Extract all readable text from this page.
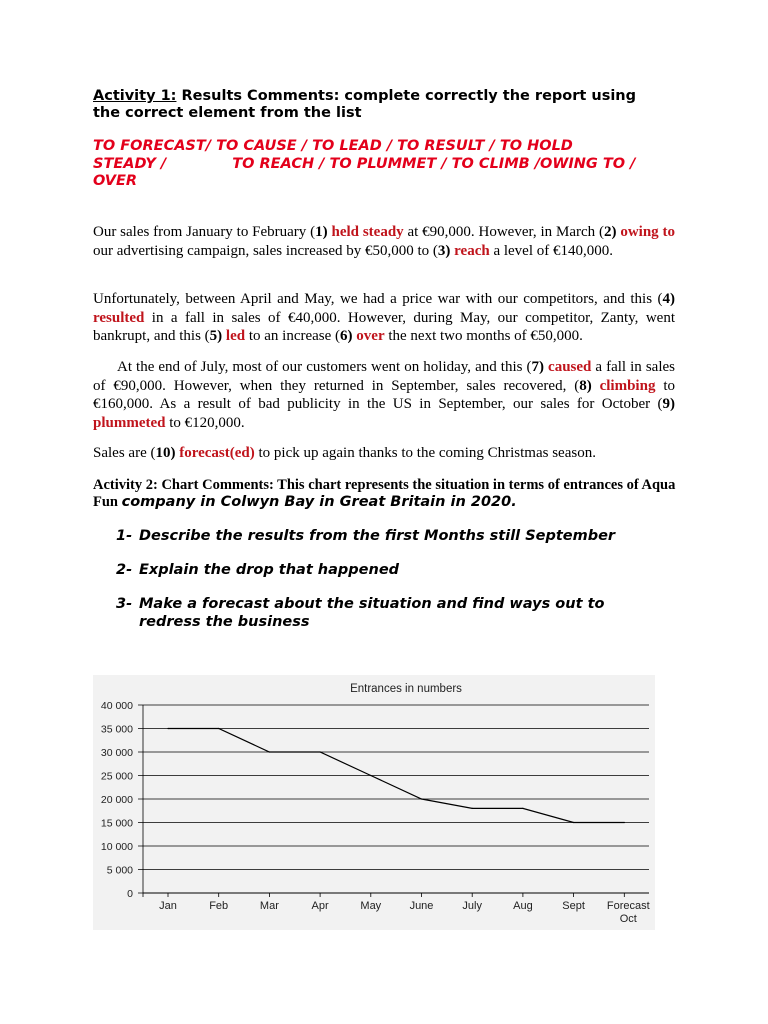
Activity 1: Results Comments: complete correctly the report using the correct element from the list
TO FORECAST/ TO CAUSE / TO LEAD / TO RESULT / TO HOLD
STEADY /	TO REACH / TO PLUMMET / TO CLIMB /OWING TO /
OVER
Our sales from January to February (1) held steady at €90,000. However, in March (2) owing to our advertising campaign, sales increased by €50,000 to (3) reach a level of €140,000.
Unfortunately, between April and May, we had a price war with our competitors, and this (4) resulted in a fall in sales of €40,000. However, during May, our competitor, Zanty, went bankrupt, and this (5) led to an increase (6) over the next two months of €50,000.
At the end of July, most of our customers went on holiday, and this (7) caused a fall in sales of €90,000. However, when they returned in September, sales recovered, (8) climbing to €160,000. As a result of bad publicity in the US in September, our sales for October (9) plummeted to €120,000.
Sales are (10) forecast(ed) to pick up again thanks to the coming Christmas season.
Activity 2: Chart Comments: This chart represents the situation in terms of entrances of Aqua Fun company in Colwyn Bay in Great Britain in 2020.
1- Describe the results from the first Months still September
2- Explain the drop that happened
3- Make a forecast about the situation and find ways out to redress the business
Entrances in numbers
0
5 000
10 000
15 000
20 000
25 000
30 000
35 000
40 000
Jan	Feb	Mar	Apr	May	June	July	Aug	Sept Forecast
Oct
